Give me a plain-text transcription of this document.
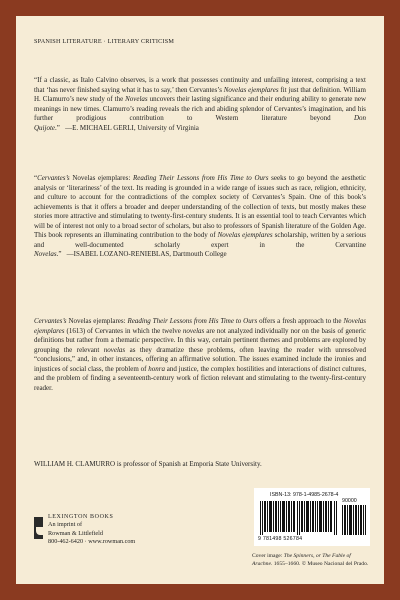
SPANISH LITERATURE · LITERARY CRITICISM

“If a classic, as Italo Calvino observes, is a work that possesses continuity and unfailing interest, comprising a text that ‘has never finished saying what it has to say,’ then Cervantes’s Novelas ejemplares fit just that definition. William H. Clamurro’s new study of the Novelas uncovers their lasting significance and their enduring ability to generate new meanings in new times. Clamurro’s reading reveals the rich and abiding splendor of Cervantes’s imagination, and his further prodigious contribution to Western literature beyond Don Quijote.” —E. MICHAEL GERLI, University of Virginia

“Cervantes’s Novelas ejemplares: Reading Their Lessons from His Time to Ours seeks to go beyond the aesthetic analysis or ‘literariness’ of the text. Its reading is grounded in a wide range of issues such as race, religion, ethnicity, and culture to account for the contradictions of the complex society of Cervantes’s Spain. One of this book’s achievements is that it offers a broader and deeper understanding of the collection of texts, but mostly makes these stories more attractive and stimulating to twenty-first-century students. It is an essential tool to teach Cervantes which will be of interest not only to a broad sector of scholars, but also to professors of Spanish literature of the Golden Age. This book represents an illuminating contribution to the body of Novelas ejemplares scholarship, written by a serious and well-documented scholarly expert in the Cervantine Novelas.” —ISABEL LOZANO-RENIEBLAS, Dartmouth College

Cervantes’s Novelas ejemplares: Reading Their Lessons from His Time to Ours offers a fresh approach to the Novelas ejemplares (1613) of Cervantes in which the twelve novelas are not analyzed individually nor on the basis of generic definitions but rather from a thematic perspective. In this way, certain pertinent themes and problems are explored by grouping the relevant novelas as they dramatize these problems, often leaving the reader with unresolved “conclusions,” and, in other instances, offering an affirmative solution. The issues examined include the ironies and injustices of social class, the problem of honra and justice, the complex hostilities and interactions of distinct cultures, and the problem of finding a seventeenth-century work of fiction relevant and stimulating to the twenty-first-century reader.

WILLIAM H. CLAMURRO is professor of Spanish at Emporia State University.

LEXINGTON BOOKS
An imprint of
Rowman & Littlefield
800-462-6420 · www.rowman.com
ISBN-13: 978-1-4985-2678-4
90000
9 781498 526784
Cover image: The Spinners, or The Fable of Arachne. 1655–1660. © Museo Nacional del Prado.
